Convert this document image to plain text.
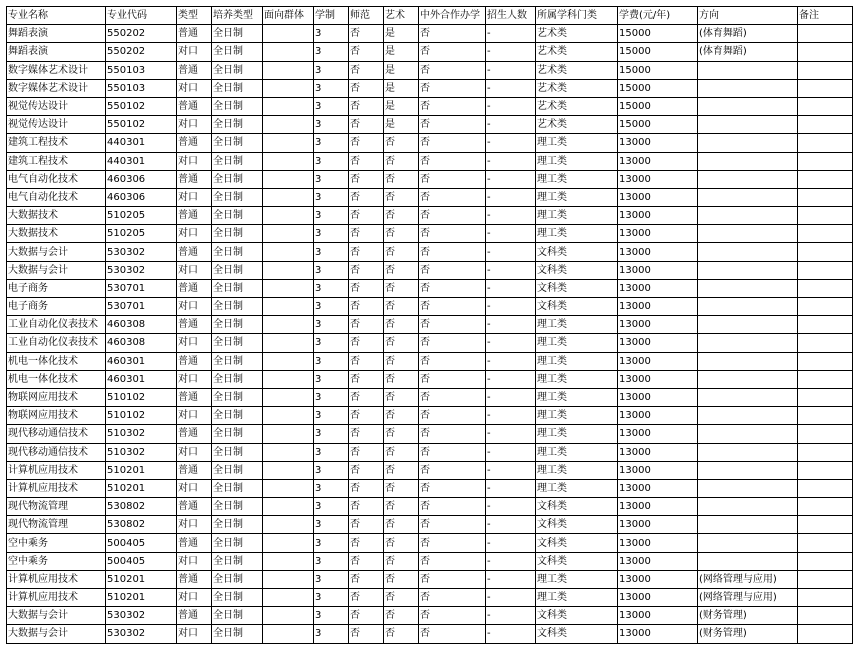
专业名称	专业代码	类型	培养类型	面向群体	学制	师范	艺术	中外合作办学	招生人数	所属学科门类	学费(元/年)	方向	备注
舞蹈表演	550202	普通	全日制		3	否	是	否	-	艺术类	15000	(体育舞蹈)	
舞蹈表演	550202	对口	全日制		3	否	是	否	-	艺术类	15000	(体育舞蹈)	
数字媒体艺术设计	550103	普通	全日制		3	否	是	否	-	艺术类	15000		
数字媒体艺术设计	550103	对口	全日制		3	否	是	否	-	艺术类	15000		
视觉传达设计	550102	普通	全日制		3	否	是	否	-	艺术类	15000		
视觉传达设计	550102	对口	全日制		3	否	是	否	-	艺术类	15000		
建筑工程技术	440301	普通	全日制		3	否	否	否	-	理工类	13000		
建筑工程技术	440301	对口	全日制		3	否	否	否	-	理工类	13000		
电气自动化技术	460306	普通	全日制		3	否	否	否	-	理工类	13000		
电气自动化技术	460306	对口	全日制		3	否	否	否	-	理工类	13000		
大数据技术	510205	普通	全日制		3	否	否	否	-	理工类	13000		
大数据技术	510205	对口	全日制		3	否	否	否	-	理工类	13000		
大数据与会计	530302	普通	全日制		3	否	否	否	-	文科类	13000		
大数据与会计	530302	对口	全日制		3	否	否	否	-	文科类	13000		
电子商务	530701	普通	全日制		3	否	否	否	-	文科类	13000		
电子商务	530701	对口	全日制		3	否	否	否	-	文科类	13000		
工业自动化仪表技术	460308	普通	全日制		3	否	否	否	-	理工类	13000		
工业自动化仪表技术	460308	对口	全日制		3	否	否	否	-	理工类	13000		
机电一体化技术	460301	普通	全日制		3	否	否	否	-	理工类	13000		
机电一体化技术	460301	对口	全日制		3	否	否	否	-	理工类	13000		
物联网应用技术	510102	普通	全日制		3	否	否	否	-	理工类	13000		
物联网应用技术	510102	对口	全日制		3	否	否	否	-	理工类	13000		
现代移动通信技术	510302	普通	全日制		3	否	否	否	-	理工类	13000		
现代移动通信技术	510302	对口	全日制		3	否	否	否	-	理工类	13000		
计算机应用技术	510201	普通	全日制		3	否	否	否	-	理工类	13000		
计算机应用技术	510201	对口	全日制		3	否	否	否	-	理工类	13000		
现代物流管理	530802	普通	全日制		3	否	否	否	-	文科类	13000		
现代物流管理	530802	对口	全日制		3	否	否	否	-	文科类	13000		
空中乘务	500405	普通	全日制		3	否	否	否	-	文科类	13000		
空中乘务	500405	对口	全日制		3	否	否	否	-	文科类	13000		
计算机应用技术	510201	普通	全日制		3	否	否	否	-	理工类	13000	(网络管理与应用)	
计算机应用技术	510201	对口	全日制		3	否	否	否	-	理工类	13000	(网络管理与应用)	
大数据与会计	530302	普通	全日制		3	否	否	否	-	文科类	13000	(财务管理)	
大数据与会计	530302	对口	全日制		3	否	否	否	-	文科类	13000	(财务管理)	
